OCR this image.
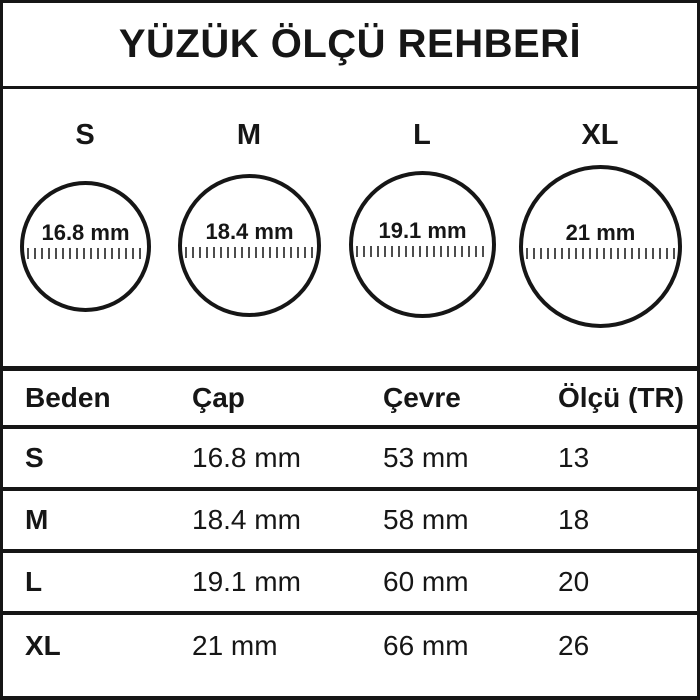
YÜZÜK ÖLÇÜ REHBERİ
S	M	L	XL
16.8 mm	18.4 mm	19.1 mm	21 mm
Beden	Çap	Çevre	Ölçü (TR)
S	16.8 mm	53 mm	13
M	18.4 mm	58 mm	18
L	19.1 mm	60 mm	20
XL	21 mm	66 mm	26
